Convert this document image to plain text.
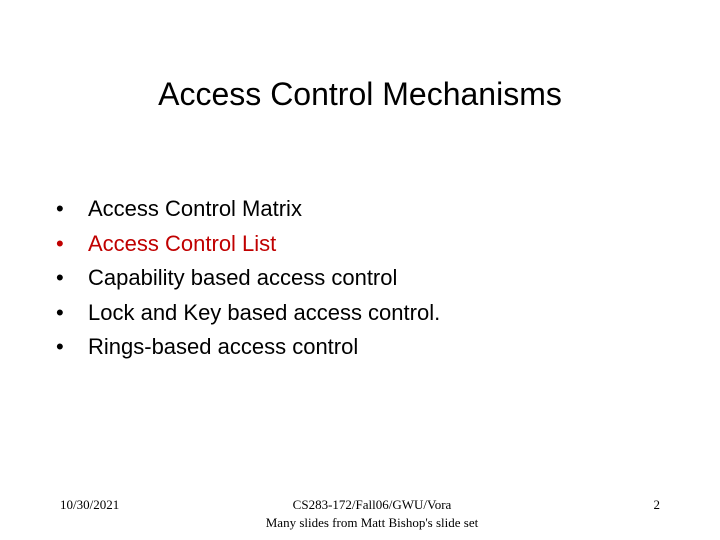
Access Control Mechanisms
•	Access Control Matrix
•	Access Control List
•	Capability based access control
•	Lock and Key based access control.
•	Rings-based access control
10/30/2021	CS283-172/Fall06/GWU/Vora
Many slides from Matt Bishop's slide set
2
